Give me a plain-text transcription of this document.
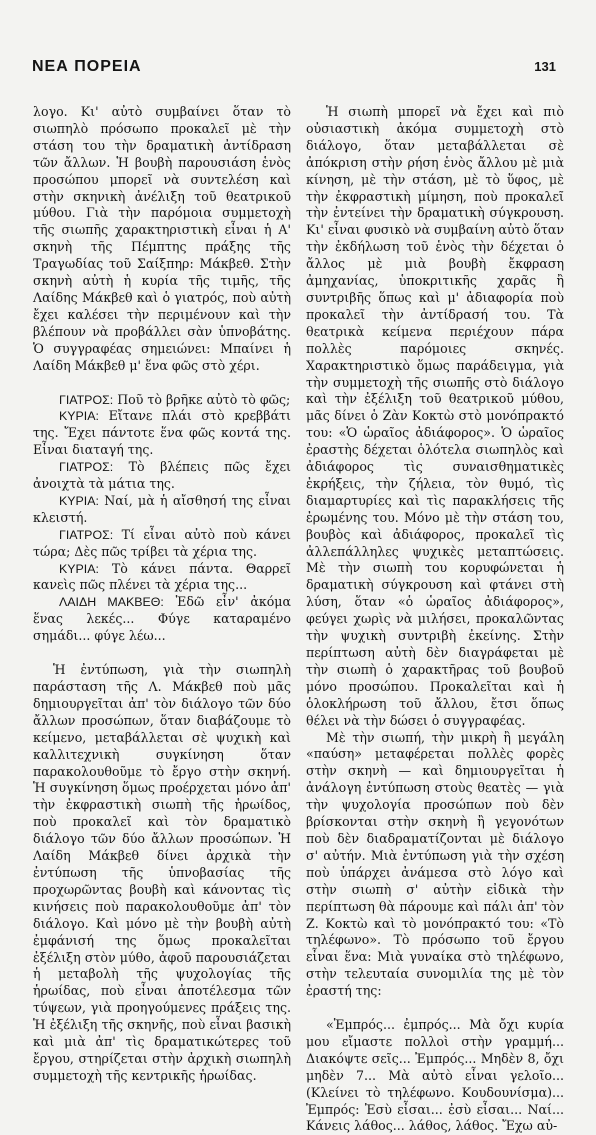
ΝΕΑ ΠΟΡΕΙΑ	131

λογο. Κι' αὐτὸ συμβαίνει ὅταν τὸ σιωπηλὸ πρόσωπο προκαλεῖ μὲ τὴν στάση του τὴν δραματικὴ ἀντίδραση τῶν ἄλλων. Ἡ βουβὴ παρουσιάση ἑνὸς προσώπου μπορεῖ νὰ συντελέση καὶ στὴν σκηνικὴ ἀνέλιξη τοῦ θεατρικοῦ μύθου. Γιὰ τὴν παρόμοια συμμετοχὴ τῆς σιωπῆς χαρακτηριστικὴ εἶναι ἡ Α' σκηνὴ τῆς Πέμπτης πράξης τῆς Τραγωδίας τοῦ Σαίξπηρ: Μάκβεθ. Στὴν σκηνὴ αὐτὴ ἡ κυρία τῆς τιμῆς, τῆς Λαίδης Μάκβεθ καὶ ὁ γιατρός, ποὺ αὐτὴ ἔχει καλέσει τὴν περιμένουν καὶ τὴν βλέπουν νὰ προβάλλει σὰν ὑπνοβάτης. Ὁ συγγραφέας σημειώνει: Μπαίνει ἡ Λαίδη Μάκβεθ μ' ἕνα φῶς στὸ χέρι.

ΓΙΑΤΡΟΣ: Ποῦ τὸ βρῆκε αὐτὸ τὸ φῶς;

ΚΥΡΙΑ: Εἴτανε πλάι στὸ κρεββάτι της. Ἔχει πάντοτε ἕνα φῶς κοντά της. Εἶναι διαταγή της.

ΓΙΑΤΡΟΣ: Τὸ βλέπεις πῶς ἔχει ἀνοιχτὰ τὰ μάτια της.

ΚΥΡΙΑ: Ναί, μὰ ἡ αἴσθησή της εἶναι κλειστή.

ΓΙΑΤΡΟΣ: Τί εἶναι αὐτὸ ποὺ κάνει τώρα; Δὲς πῶς τρίβει τὰ χέρια της.

ΚΥΡΙΑ: Τὸ κάνει πάντα. Θαρρεῖ κανεὶς πῶς πλένει τὰ χέρια της...

ΛΑΙΔΗ ΜΑΚΒΕΘ: Ἐδῶ εἶν' ἀκόμα ἕνας λεκές... Φύγε καταραμένο σημάδι... φύγε λέω...

Ἡ ἐντύπωση, γιὰ τὴν σιωπηλὴ παράσταση τῆς Λ. Μάκβεθ ποὺ μᾶς δημιουργεῖται ἀπ' τὸν διάλογο τῶν δύο ἄλλων προσώπων, ὅταν διαβάζουμε τὸ κείμενο, μεταβάλλεται σὲ ψυχικὴ καὶ καλλιτεχνικὴ συγκίνηση ὅταν παρακολουθοῦμε τὸ ἔργο στὴν σκηνή. Ἡ συγκίνηση ὅμως προέρχεται μόνο ἀπ' τὴν ἐκφραστικὴ σιωπὴ τῆς ἡρωίδος, ποὺ προκαλεῖ καὶ τὸν δραματικὸ διάλογο τῶν δύο ἄλλων προσώπων. Ἡ Λαίδη Μάκβεθ δίνει ἀρχικὰ τὴν ἐντύπωση τῆς ὑπνοβασίας τῆς προχωρῶντας βουβὴ καὶ κάνοντας τὶς κινήσεις ποὺ παρακολουθοῦμε ἀπ' τὸν διάλογο. Καὶ μόνο μὲ τὴν βουβὴ αὐτὴ ἐμφάνισή της ὅμως προκαλεῖται ἐξέλιξη στὸν μύθο, ἀφοῦ παρουσιάζεται ἡ μεταβολὴ τῆς ψυχολογίας τῆς ἡρωίδας, ποὺ εἶναι ἀποτέλεσμα τῶν τύψεων, γιὰ προηγούμενες πράξεις της. Ἡ ἐξέλιξη τῆς σκηνῆς, ποὺ εἶναι βασικὴ καὶ μιὰ ἀπ' τὶς δραματικώτερες τοῦ ἔργου, στηρίζεται στὴν ἀρχικὴ σιωπηλὴ συμμετοχὴ τῆς κεντρικῆς ἡρωίδας.

Ἡ σιωπὴ μπορεῖ νὰ ἔχει καὶ πιὸ οὐσιαστικὴ ἀκόμα συμμετοχὴ στὸ διάλογο, ὅταν μεταβάλλεται σὲ ἀπόκριση στὴν ρήση ἑνὸς ἄλλου μὲ μιὰ κίνηση, μὲ τὴν στάση, μὲ τὸ ὕφος, μὲ τὴν ἐκφραστικὴ μίμηση, ποὺ προκαλεῖ τὴν ἐντείνει τὴν δραματικὴ σύγκρουση. Κι' εἶναι φυσικὸ νὰ συμβαίνη αὐτὸ ὅταν τὴν ἐκδήλωση τοῦ ἑνὸς τὴν δέχεται ὁ ἄλλος μὲ μιὰ βουβὴ ἔκφραση ἀμηχανίας, ὑποκριτικῆς χαρᾶς ἢ συντριβῆς ὅπως καὶ μ' ἀδιαφορία ποὺ προκαλεῖ τὴν ἀντίδρασή του. Τὰ θεατρικὰ κείμενα περιέχουν πάρα πολλὲς παρόμοιες σκηνές. Χαρακτηριστικὸ ὅμως παράδειγμα, γιὰ τὴν συμμετοχὴ τῆς σιωπῆς στὸ διάλογο καὶ τὴν ἐξέλιξη τοῦ θεατρικοῦ μύθου, μᾶς δίνει ὁ Ζὰν Κοκτὼ στὸ μονόπρακτό του: «Ὁ ὡραῖος ἀδιάφορος». Ὁ ὡραῖος ἐραστὴς δέχεται ὁλότελα σιωπηλὸς καὶ ἀδιάφορος τὶς συναισθηματικὲς ἐκρήξεις, τὴν ζήλεια, τὸν θυμό, τὶς διαμαρτυρίες καὶ τὶς παρακλήσεις τῆς ἐρωμένης του. Μόνο μὲ τὴν στάση του, βουβὸς καὶ ἀδιάφορος, προκαλεῖ τὶς ἀλλεπάλληλες ψυχικὲς μεταπτώσεις. Μὲ τὴν σιωπὴ του κορυφώνεται ἡ δραματικὴ σύγκρουση καὶ φτάνει στὴ λύση, ὅταν «ὁ ὡραῖος ἀδιάφορος», φεύγει χωρὶς νὰ μιλήσει, προκαλῶντας τὴν ψυχικὴ συντριβὴ ἐκείνης. Στὴν περίπτωση αὐτὴ δὲν διαγράφεται μὲ τὴν σιωπὴ ὁ χαρακτῆρας τοῦ βουβοῦ μόνο προσώπου. Προκαλεῖται καὶ ἡ ὁλοκλήρωση τοῦ ἄλλου, ἔτσι ὅπως θέλει νὰ τὴν δώσει ὁ συγγραφέας.

Μὲ τὴν σιωπή, τὴν μικρὴ ἢ μεγάλη «παύση» μεταφέρεται πολλὲς φορὲς στὴν σκηνὴ — καὶ δημιουργεῖται ἡ ἀνάλογη ἐντύπωση στοὺς θεατὲς — γιὰ τὴν ψυχολογία προσώπων ποὺ δὲν βρίσκονται στὴν σκηνὴ ἢ γεγονότων ποὺ δὲν διαδραματίζονται μὲ διάλογο σ' αὐτήν. Μιὰ ἐντύπωση γιὰ τὴν σχέση ποὺ ὑπάρχει ἀνάμεσα στὸ λόγο καὶ στὴν σιωπὴ σ' αὐτὴν εἰδικὰ τὴν περίπτωση θὰ πάρουμε καὶ πάλι ἀπ' τὸν Ζ. Κοκτὼ καὶ τὸ μονόπρακτό του: «Τὸ τηλέφωνο». Τὸ πρόσωπο τοῦ ἔργου εἶναι ἕνα: Μιὰ γυναίκα στὸ τηλέφωνο, στὴν τελευταία συνομιλία της μὲ τὸν ἐραστή της:

«Ἐμπρός... ἐμπρός... Μὰ ὄχι κυρία μου εἴμαστε πολλοὶ στὴν γραμμή... Διακόψτε σεῖς... Ἐμπρός... Μηδὲν 8, ὄχι μηδὲν 7... Μὰ αὐτὸ εἶναι γελοῖο... (Κλείνει τὸ τηλέφωνο. Κουδουνίσμα)... Ἐμπρός: Ἐσὺ εἶσαι... ἐσὺ εἶσαι... Ναί... Κάνεις λάθος... λάθος, λάθος. Ἔχω αὐ-
